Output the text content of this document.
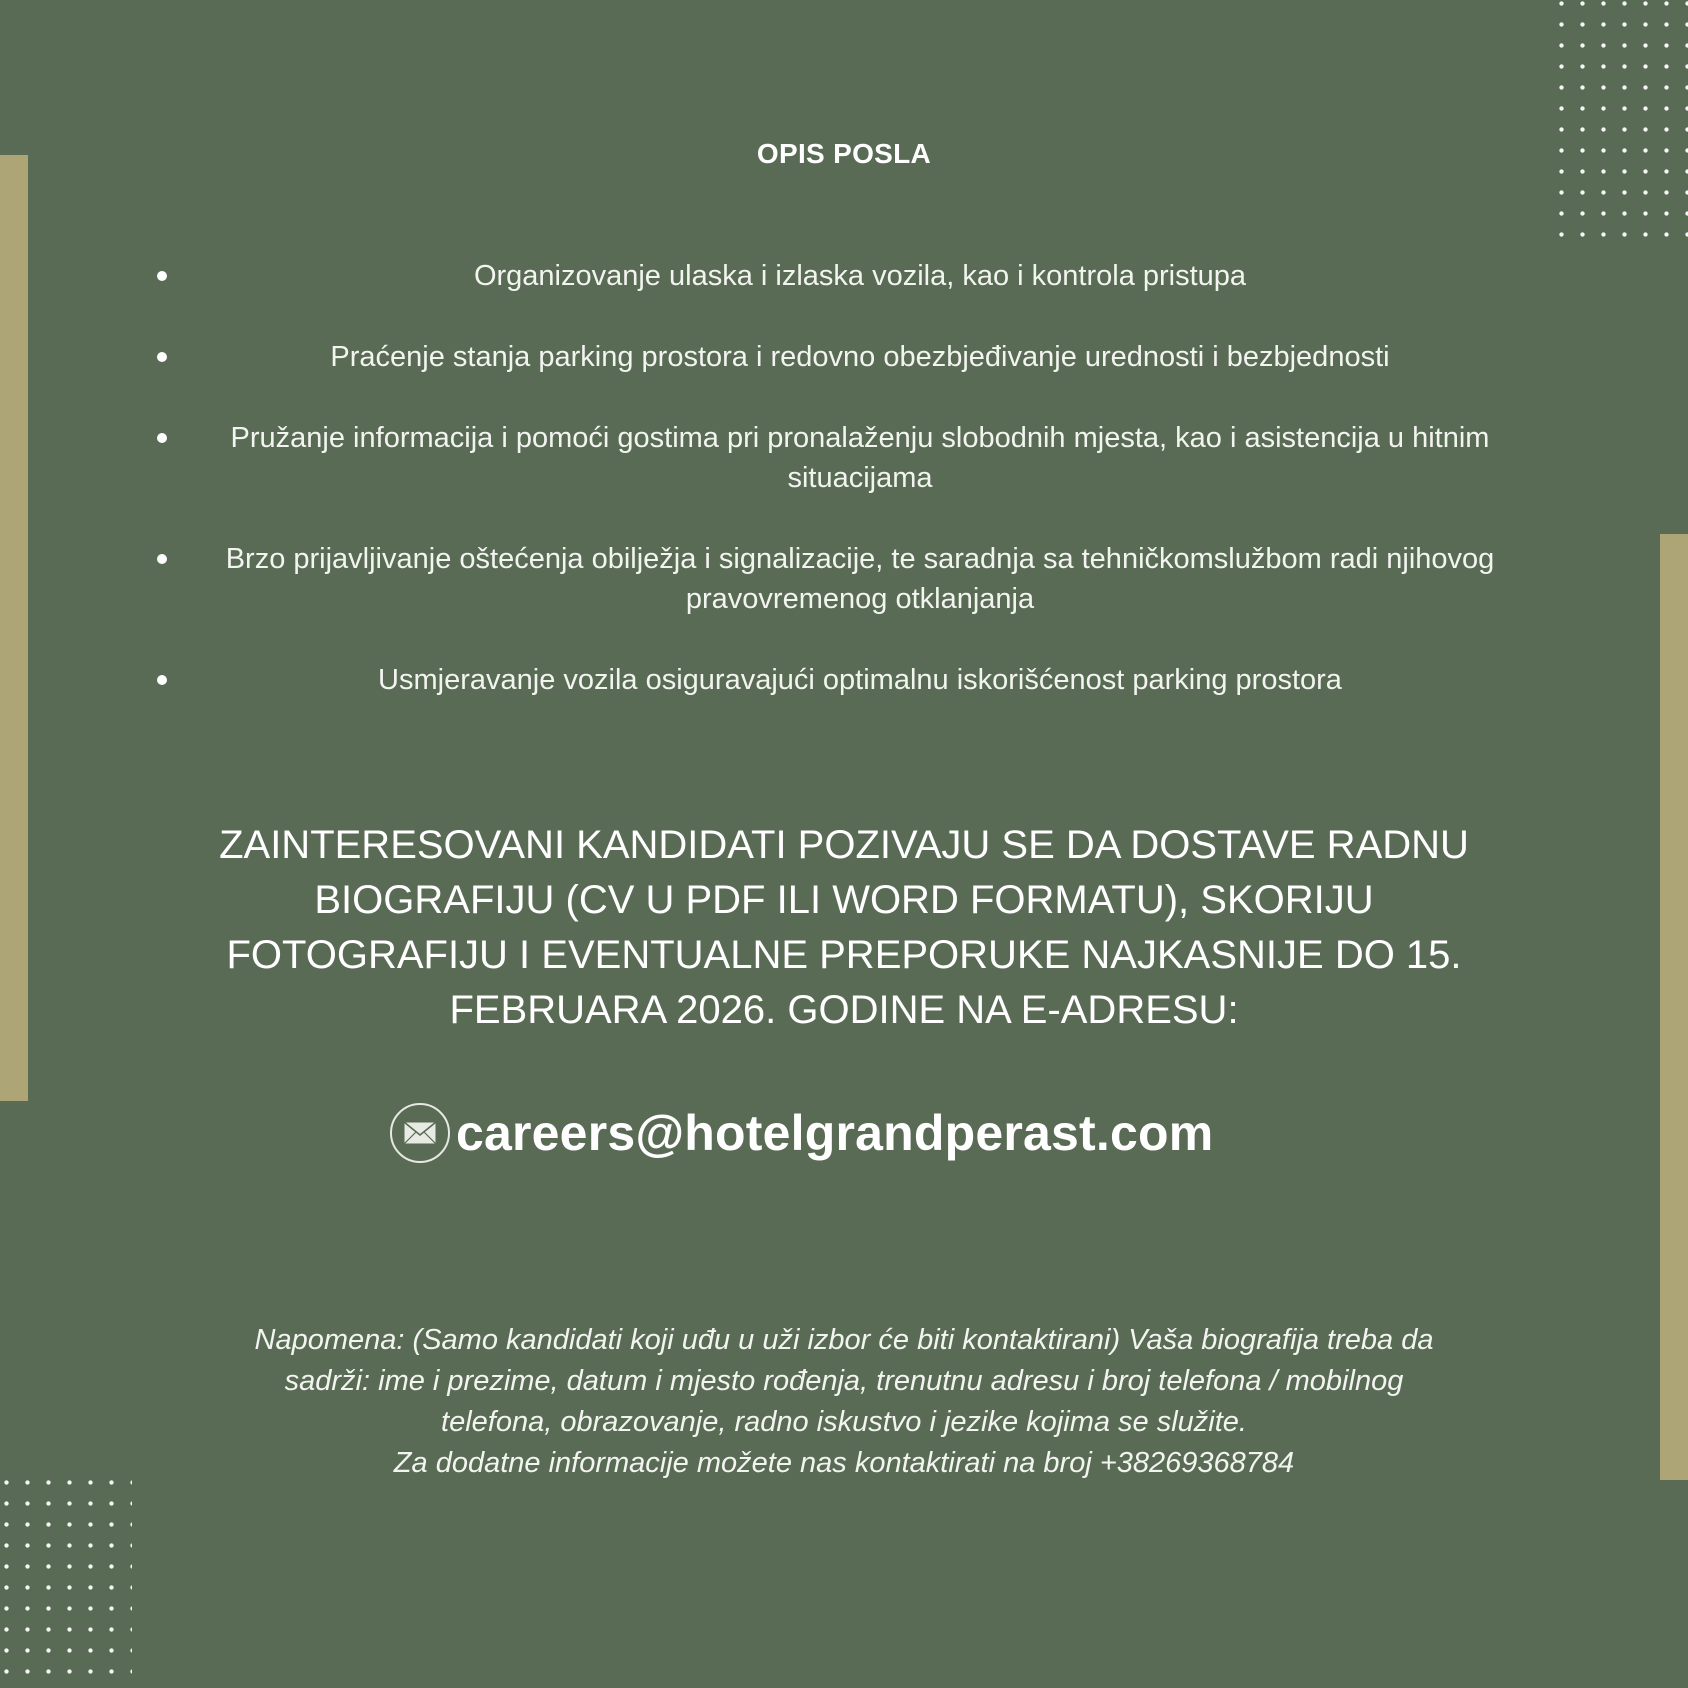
OPIS POSLA
Organizovanje ulaska i izlaska vozila, kao i kontrola pristupa
Praćenje stanja parking prostora i redovno obezbjeđivanje urednosti i bezbjednosti
Pružanje informacija i pomoći gostima pri pronalaženju slobodnih mjesta, kao i asistencija u hitnim situacijama
Brzo prijavljivanje oštećenja obilježja i signalizacije, te saradnja sa tehničkomslužbom radi njihovog pravovremenog otklanjanja
Usmjeravanje vozila osiguravajući optimalnu iskorišćenost parking prostora

ZAINTERESOVANI KANDIDATI POZIVAJU SE DA DOSTAVE RADNU BIOGRAFIJU (CV U PDF ILI WORD FORMATU), SKORIJU FOTOGRAFIJU I EVENTUALNE PREPORUKE NAJKASNIJE DO 15. FEBRUARA 2026. GODINE NA E-ADRESU:

careers@hotelgrandperast.com

Napomena: (Samo kandidati koji uđu u uži izbor će biti kontaktirani) Vaša biografija treba da sadrži: ime i prezime, datum i mjesto rođenja, trenutnu adresu i broj telefona / mobilnog telefona, obrazovanje, radno iskustvo i jezike kojima se služite.
Za dodatne informacije možete nas kontaktirati na broj +38269368784
